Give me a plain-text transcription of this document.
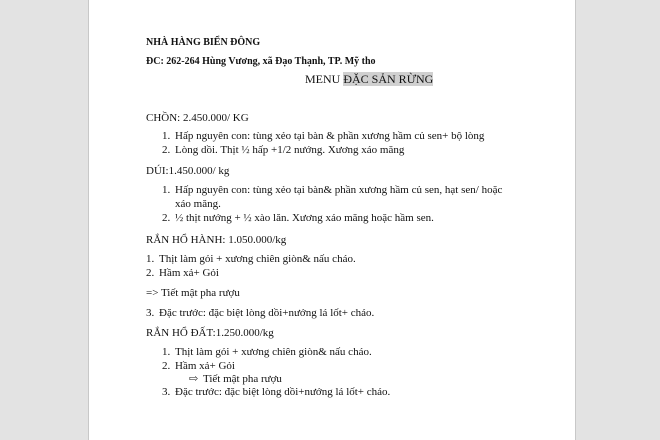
NHÀ HÀNG BIỂN ĐÔNG
ĐC: 262-264 Hùng Vương, xã Đạo Thạnh, TP. Mỹ tho
MENU ĐẶC SẢN RỪNG
CHỒN: 2.450.000/ KG
1. Hấp nguyên con: tùng xẻo tại bàn & phần xương hầm củ sen+ bộ lòng
2. Lòng dồi. Thịt ½ hấp +1/2 nướng. Xương xáo măng
DÚI:1.450.000/ kg
1. Hấp nguyên con: tùng xẻo tại bàn& phần xương hầm củ sen, hạt sen/ hoặc
xáo măng.
2. ½ thịt nướng + ½ xào lăn. Xương xáo măng hoặc hầm sen.
RẮN HỔ HÀNH: 1.050.000/kg
1. Thịt làm gỏi + xương chiên giòn& nấu cháo.
2. Hầm xả+ Gỏi
=> Tiết mật pha rượu
3. Đặc trước: đặc biệt lòng dồi+nướng lá lốt+ cháo.
RẮN HỔ ĐẤT:1.250.000/kg
1. Thịt làm gỏi + xương chiên giòn& nấu cháo.
2. Hầm xả+ Gỏi
⇨ Tiết mật pha rượu
3. Đặc trước: đặc biệt lòng dồi+nướng lá lốt+ cháo.
